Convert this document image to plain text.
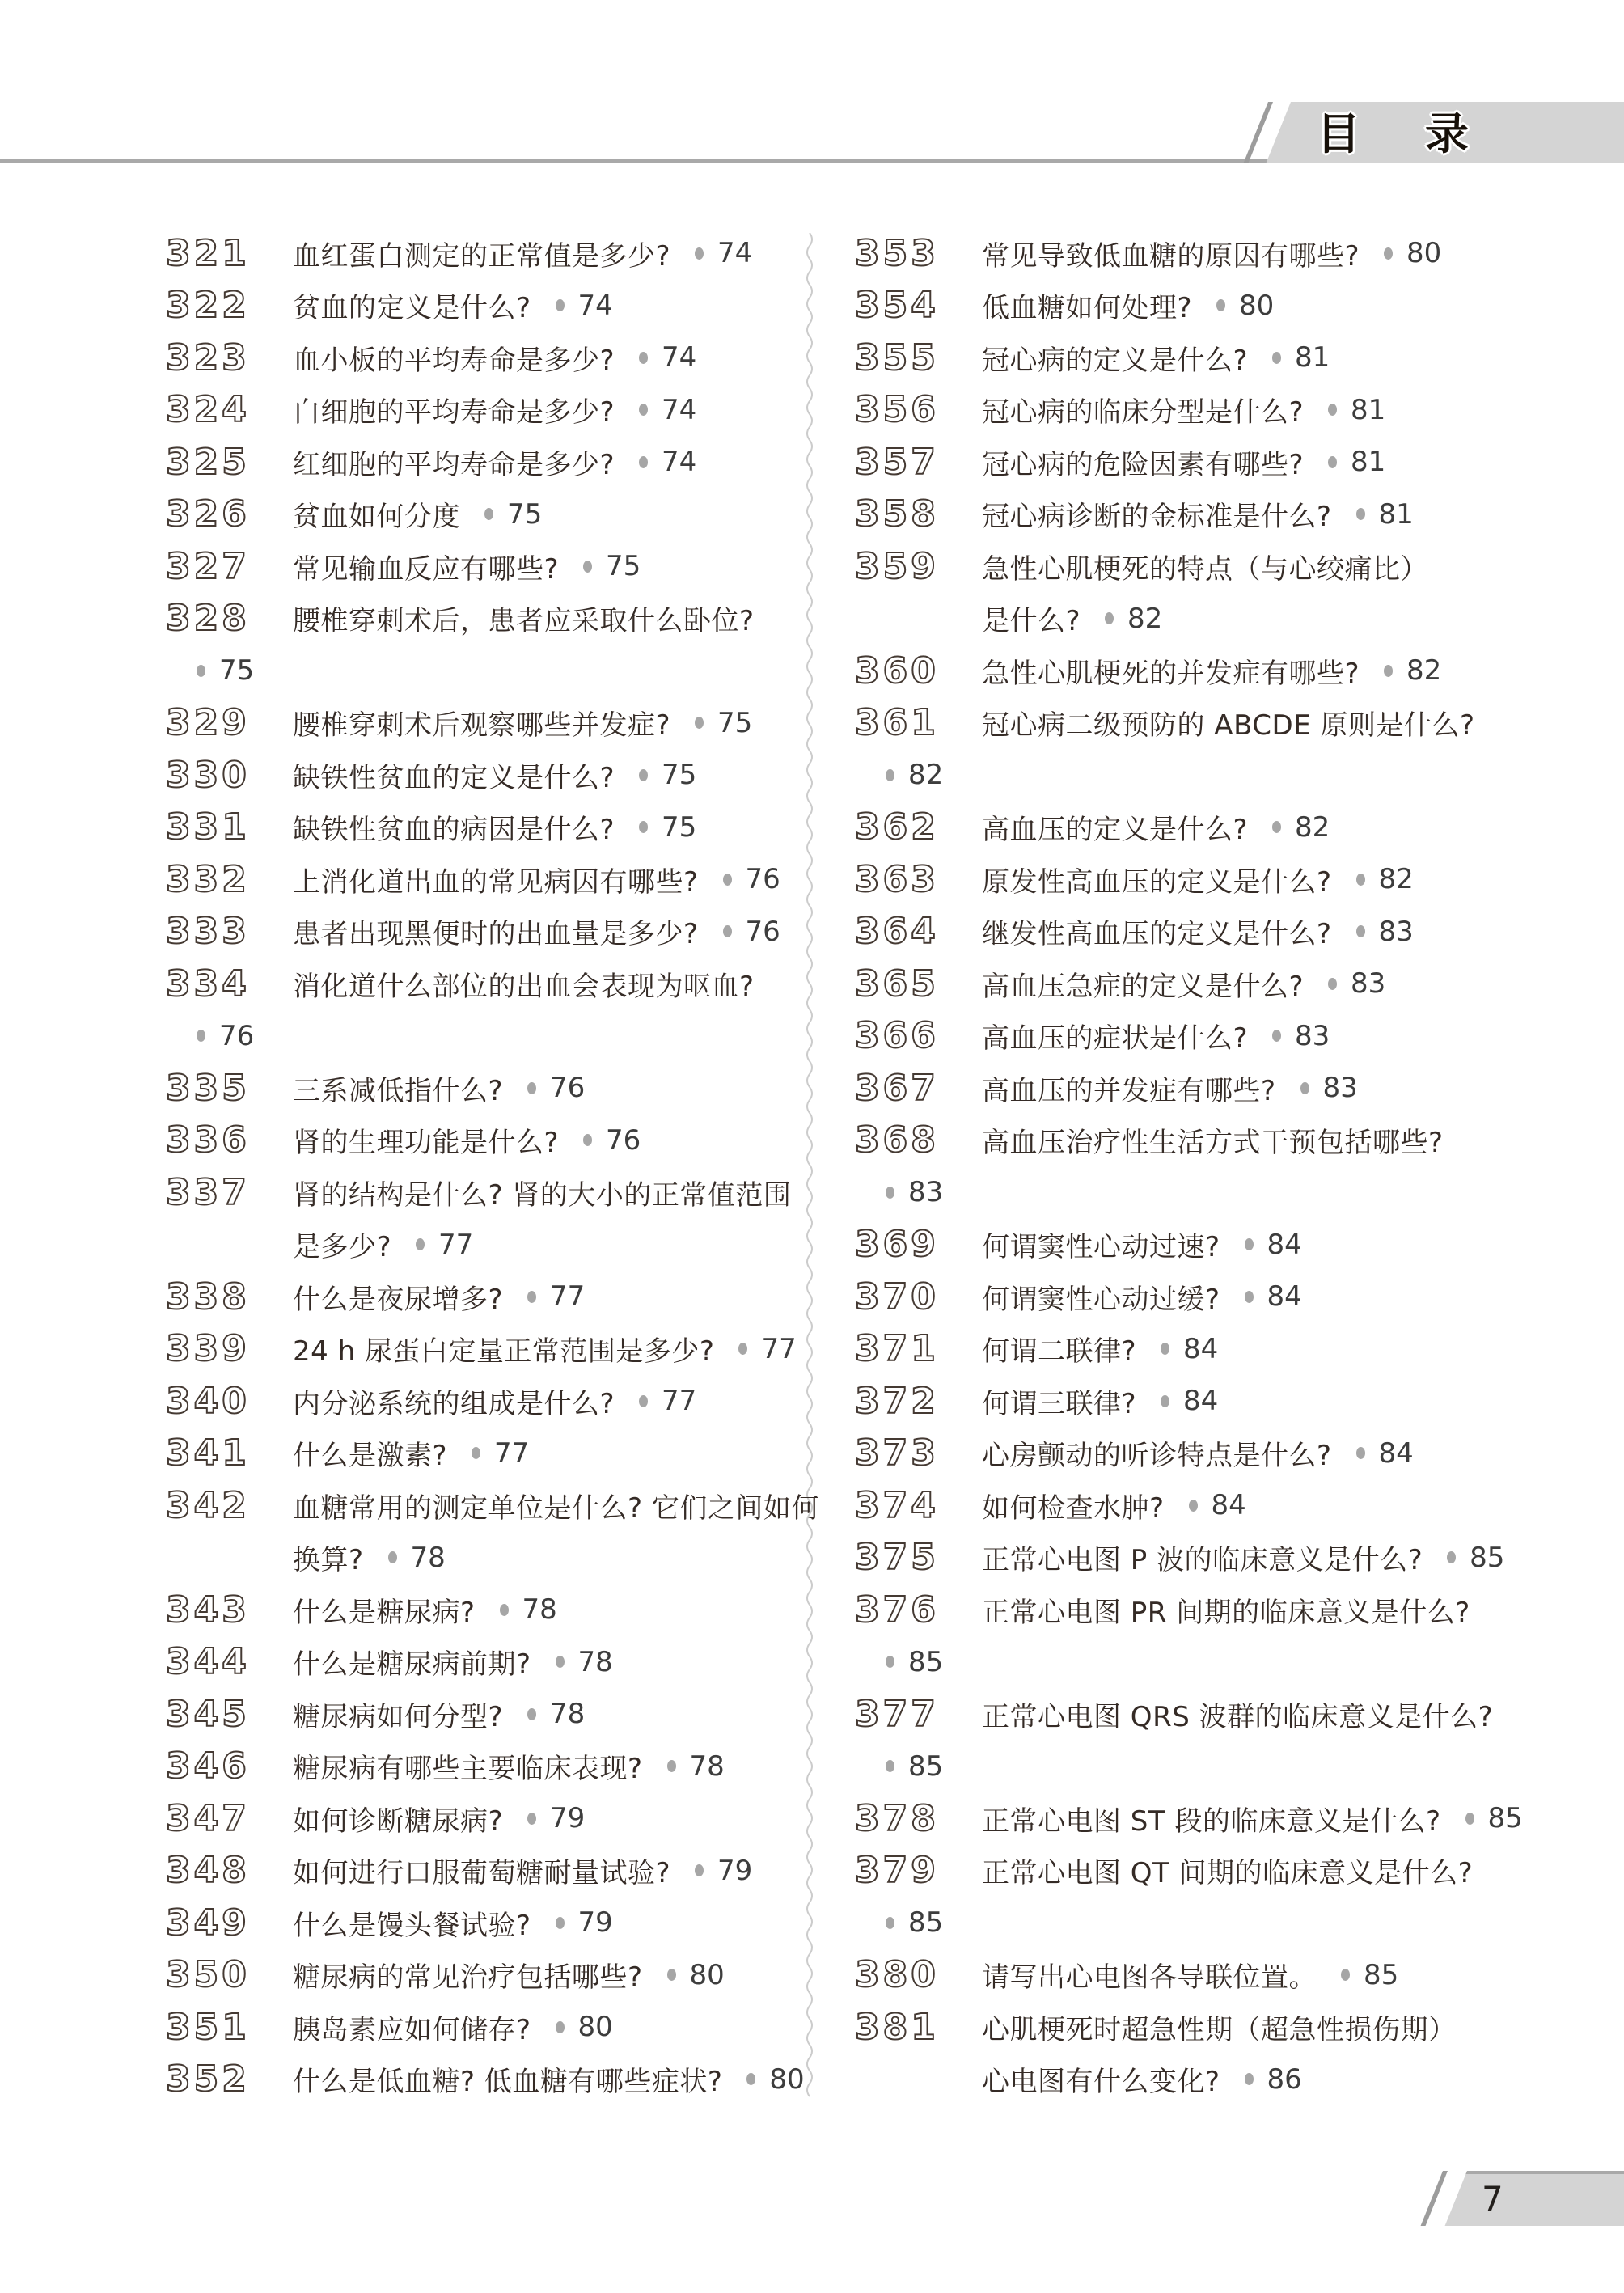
目 录
321	血红蛋白测定的正常值是多少? 74
322	贫血的定义是什么? 74
323	血小板的平均寿命是多少? 74
324	白细胞的平均寿命是多少? 74
325	红细胞的平均寿命是多少? 74
326	贫血如何分度 75
327	常见输血反应有哪些? 75
328	腰椎穿刺术后，患者应采取什么卧位?
75
329	腰椎穿刺术后观察哪些并发症? 75
330	缺铁性贫血的定义是什么? 75
331	缺铁性贫血的病因是什么? 75
332	上消化道出血的常见病因有哪些? 76
333	患者出现黑便时的出血量是多少? 76
334	消化道什么部位的出血会表现为呕血?
76
335	三系减低指什么? 76
336	肾的生理功能是什么? 76
337	肾的结构是什么? 肾的大小的正常值范围
是多少? 77
338	什么是夜尿增多? 77
339	24 h 尿蛋白定量正常范围是多少? 77
340	内分泌系统的组成是什么? 77
341	什么是激素? 77
342	血糖常用的测定单位是什么? 它们之间如何
换算? 78
343	什么是糖尿病? 78
344	什么是糖尿病前期? 78
345	糖尿病如何分型? 78
346	糖尿病有哪些主要临床表现? 78
347	如何诊断糖尿病? 79
348	如何进行口服葡萄糖耐量试验? 79
349	什么是馒头餐试验? 79
350	糖尿病的常见治疗包括哪些? 80
351	胰岛素应如何储存? 80
352	什么是低血糖? 低血糖有哪些症状? 80
353	常见导致低血糖的原因有哪些? 80
354	低血糖如何处理? 80
355	冠心病的定义是什么? 81
356	冠心病的临床分型是什么? 81
357	冠心病的危险因素有哪些? 81
358	冠心病诊断的金标准是什么? 81
359	急性心肌梗死的特点（与心绞痛比）
是什么? 82
360	急性心肌梗死的并发症有哪些? 82
361	冠心病二级预防的 ABCDE 原则是什么?
82
362	高血压的定义是什么? 82
363	原发性高血压的定义是什么? 82
364	继发性高血压的定义是什么? 83
365	高血压急症的定义是什么? 83
366	高血压的症状是什么? 83
367	高血压的并发症有哪些? 83
368	高血压治疗性生活方式干预包括哪些?
83
369	何谓窦性心动过速? 84
370	何谓窦性心动过缓? 84
371	何谓二联律? 84
372	何谓三联律? 84
373	心房颤动的听诊特点是什么? 84
374	如何检查水肿? 84
375	正常心电图 P 波的临床意义是什么? 85
376	正常心电图 PR 间期的临床意义是什么?
85
377	正常心电图 QRS 波群的临床意义是什么?
85
378	正常心电图 ST 段的临床意义是什么? 85
379	正常心电图 QT 间期的临床意义是什么?
85
380	请写出心电图各导联位置。 85
381	心肌梗死时超急性期（超急性损伤期）
心电图有什么变化? 86
7
